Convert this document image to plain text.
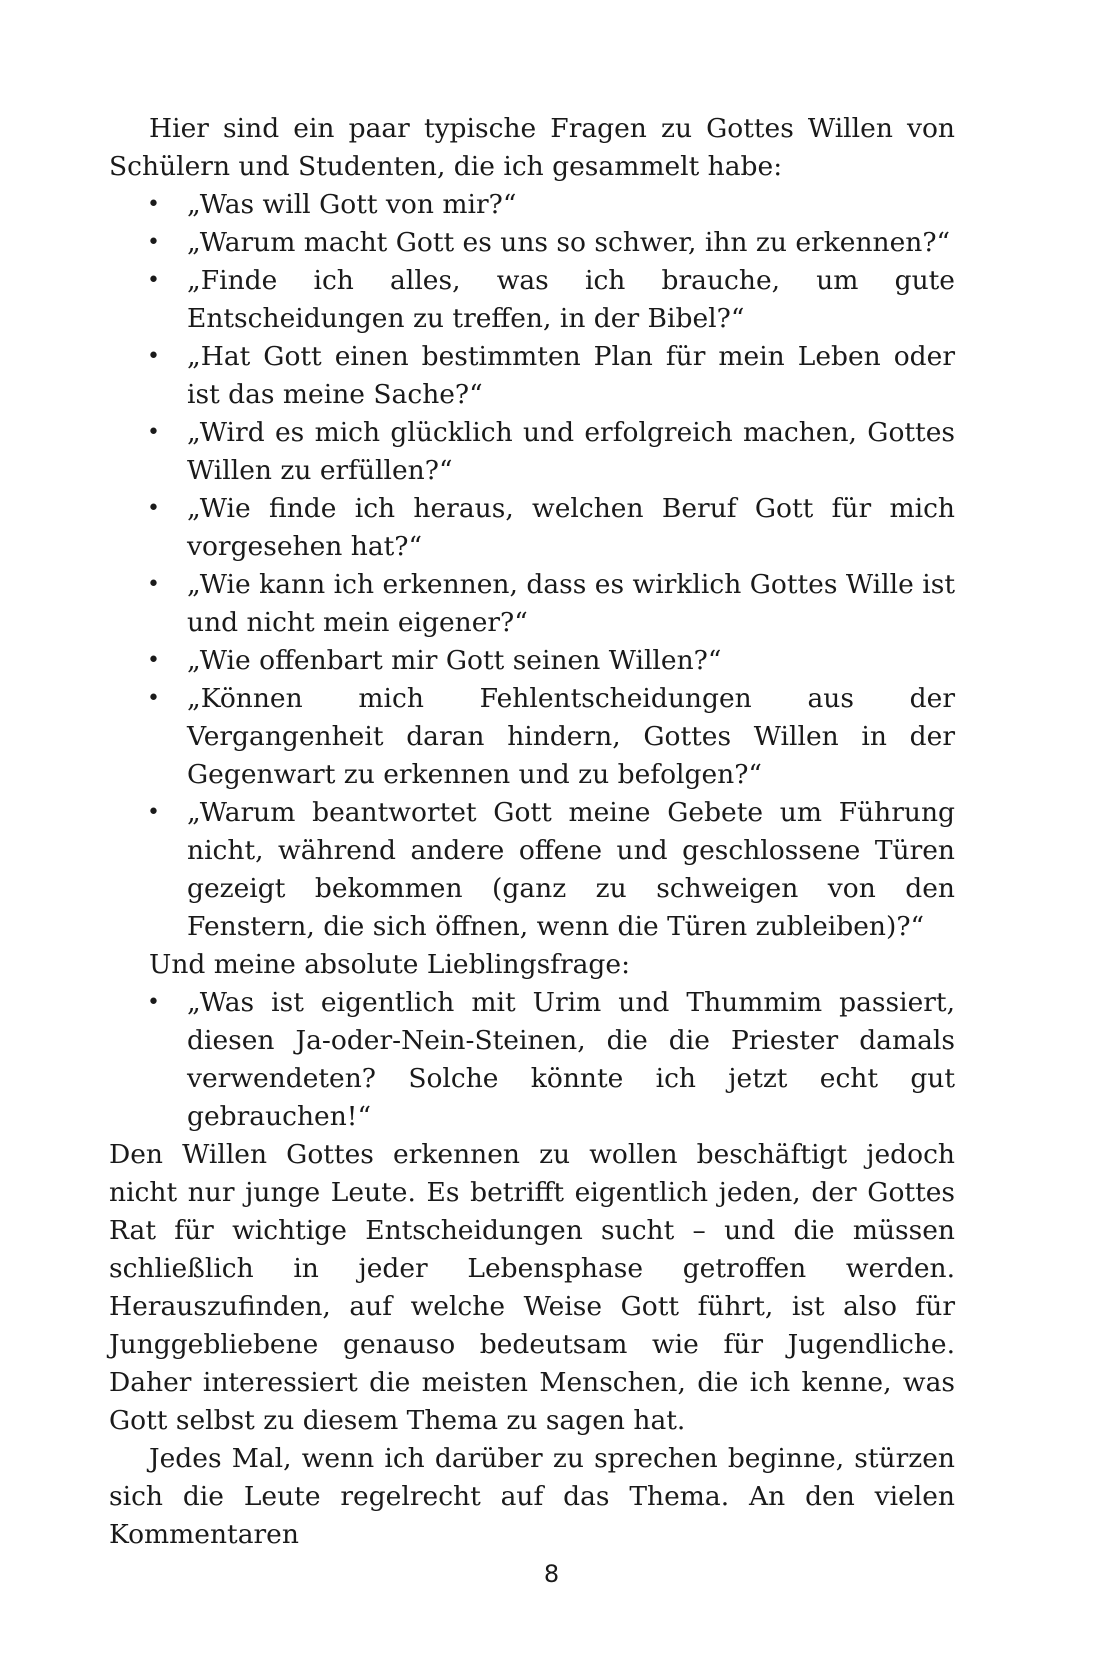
Hier sind ein paar typische Fragen zu Gottes Willen von Schülern und Studenten, die ich gesammelt habe:

• „Was will Gott von mir?“
• „Warum macht Gott es uns so schwer, ihn zu erkennen?“
• „Finde ich alles, was ich brauche, um gute Entscheidungen zu treffen, in der Bibel?“
• „Hat Gott einen bestimmten Plan für mein Leben oder ist das meine Sache?“
• „Wird es mich glücklich und erfolgreich machen, Gottes Willen zu erfüllen?“
• „Wie finde ich heraus, welchen Beruf Gott für mich vorgesehen hat?“
• „Wie kann ich erkennen, dass es wirklich Gottes Wille ist und nicht mein eigener?“
• „Wie offenbart mir Gott seinen Willen?“
• „Können mich Fehlentscheidungen aus der Vergangenheit daran hindern, Gottes Willen in der Gegenwart zu erkennen und zu befolgen?“
• „Warum beantwortet Gott meine Gebete um Führung nicht, während andere offene und geschlossene Türen gezeigt bekommen (ganz zu schweigen von den Fenstern, die sich öffnen, wenn die Türen zubleiben)?“

Und meine absolute Lieblingsfrage:

• „Was ist eigentlich mit Urim und Thummim passiert, diesen Ja-oder-Nein-Steinen, die die Priester damals verwendeten? Solche könnte ich jetzt echt gut gebrauchen!“

Den Willen Gottes erkennen zu wollen beschäftigt jedoch nicht nur junge Leute. Es betrifft eigentlich jeden, der Gottes Rat für wichtige Entscheidungen sucht – und die müssen schließlich in jeder Lebensphase getroffen werden. Herauszufinden, auf welche Weise Gott führt, ist also für Junggebliebene genauso bedeutsam wie für Jugendliche. Daher interessiert die meisten Menschen, die ich kenne, was Gott selbst zu diesem Thema zu sagen hat.

Jedes Mal, wenn ich darüber zu sprechen beginne, stürzen sich die Leute regelrecht auf das Thema. An den vielen Kommentaren

8
